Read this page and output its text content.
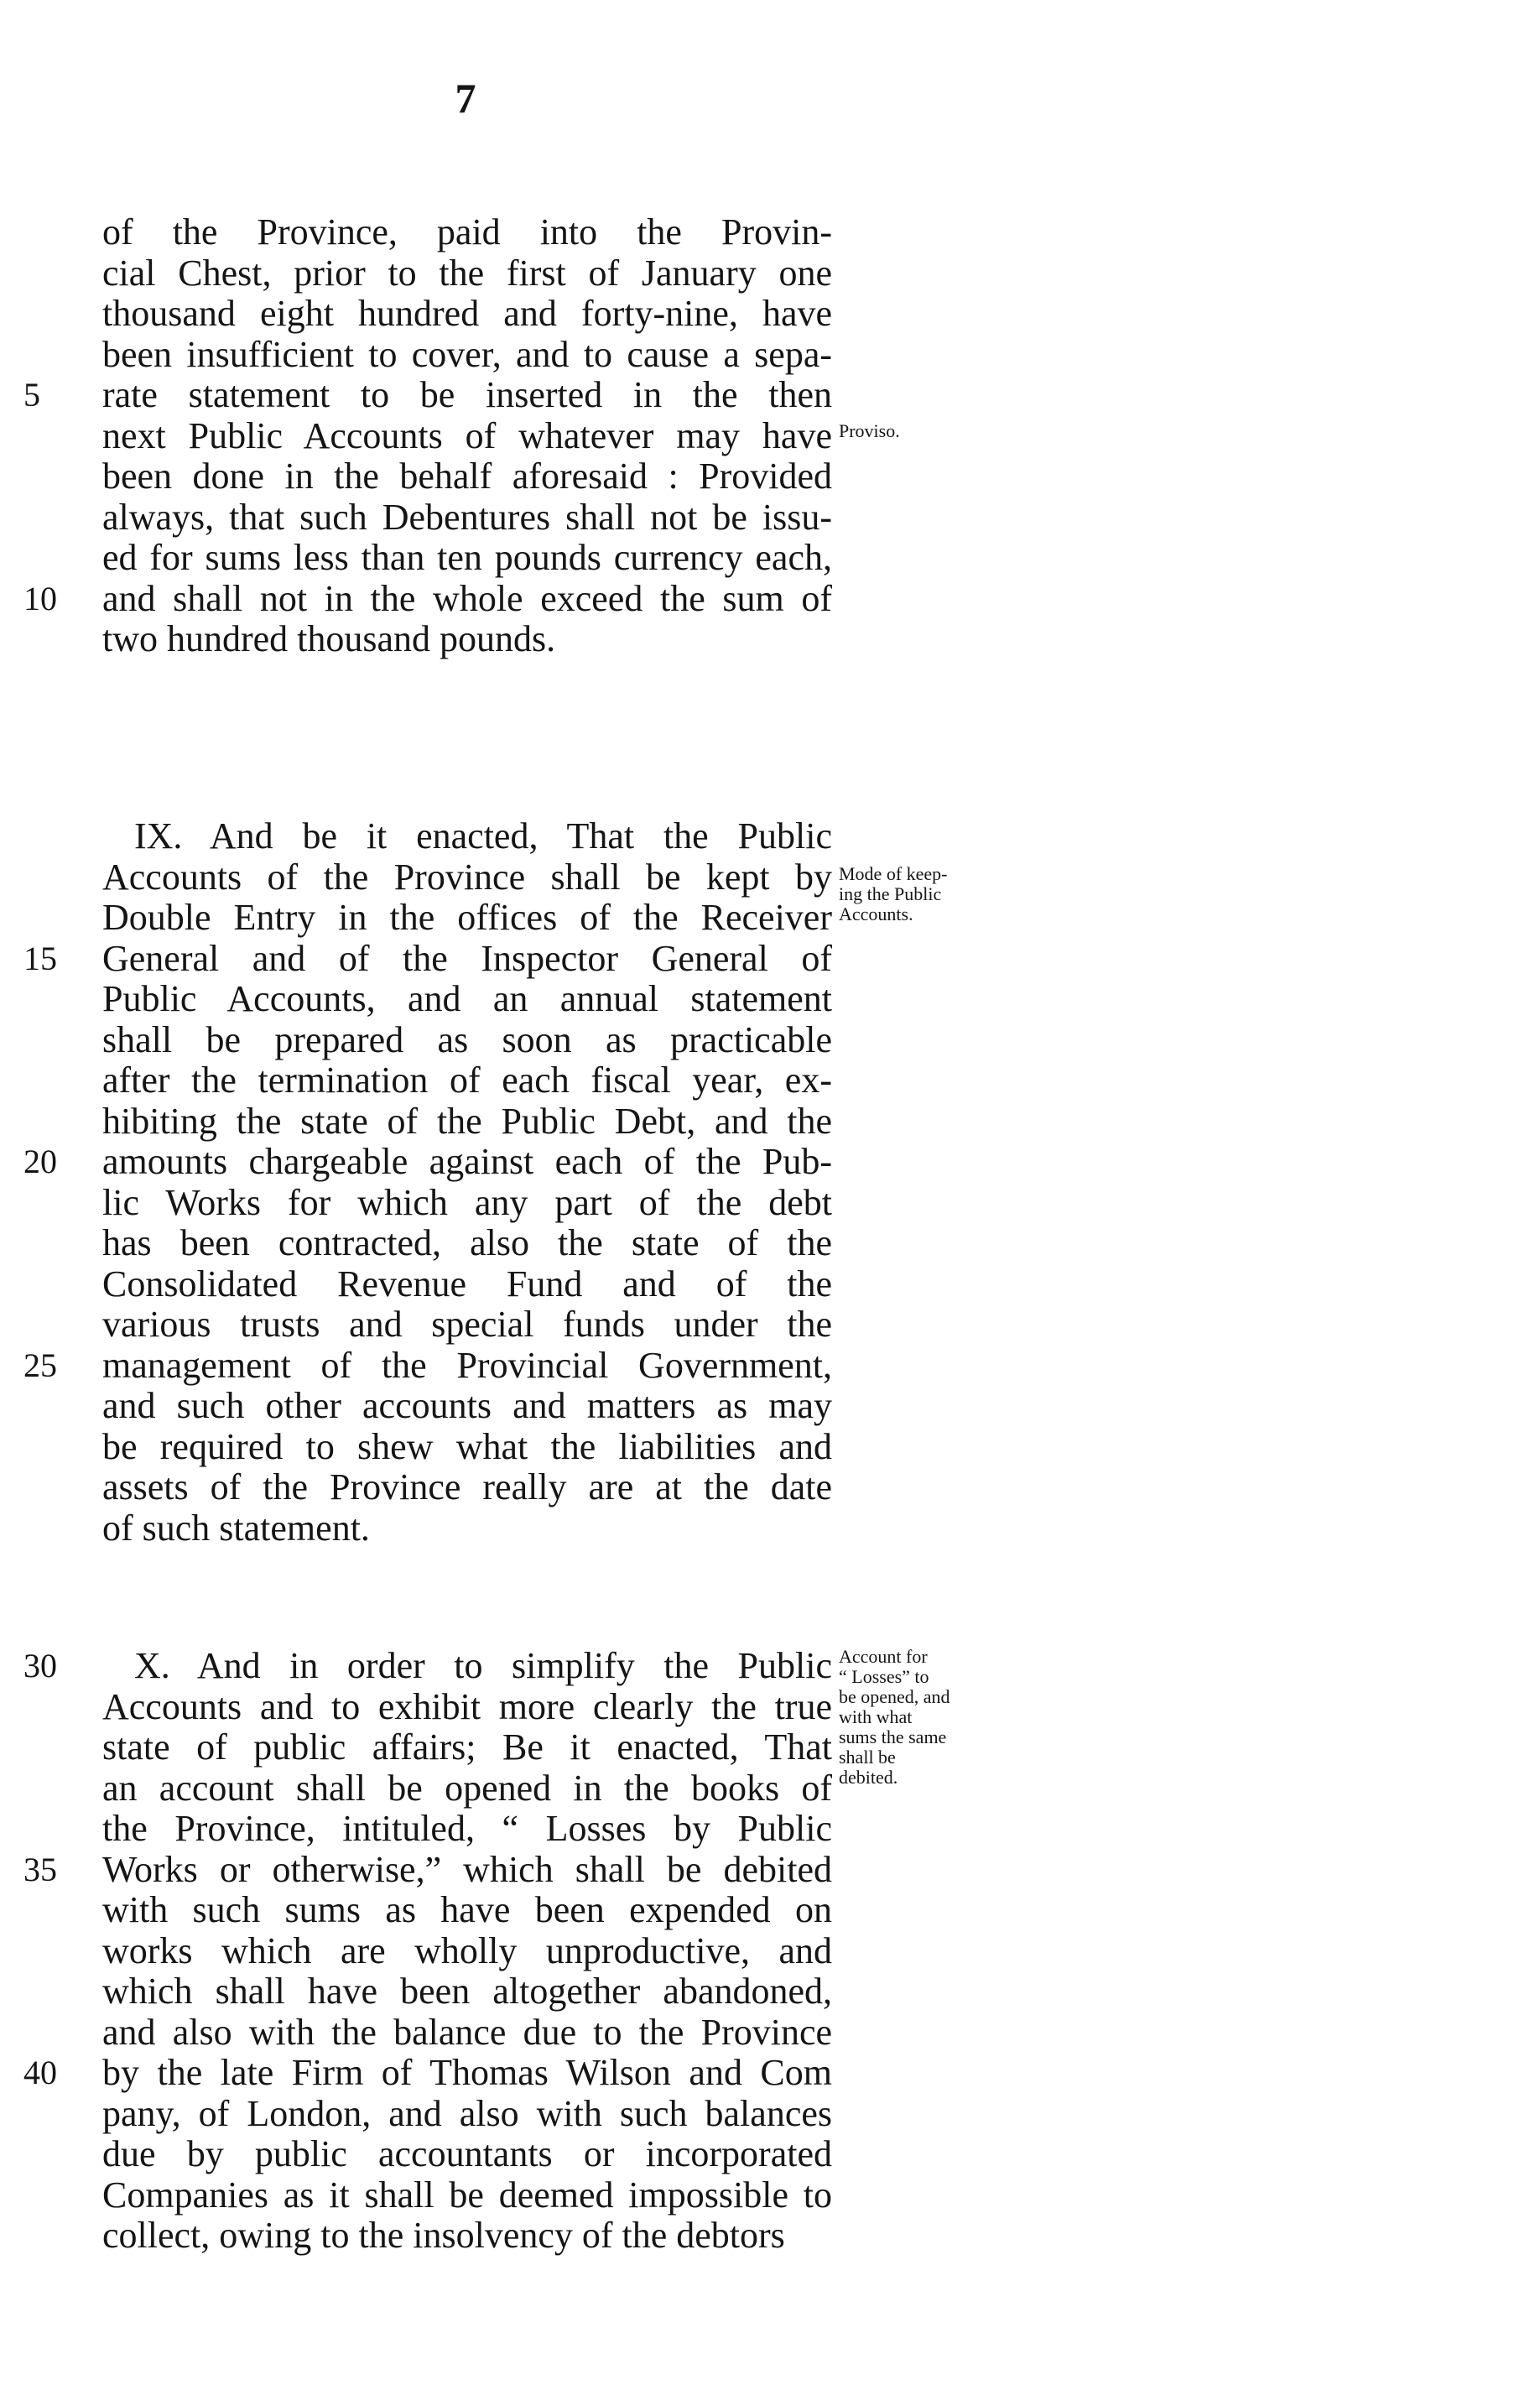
7
of the Province, paid into the Provin-
cial Chest, prior to the first of January one
thousand eight hundred and forty-nine, have
been insufficient to cover, and to cause a sepa-
rate statement to be inserted in the then
5
next Public Accounts of whatever may have
been done in the behalf aforesaid : Provided
always, that such Debentures shall not be issu-
ed for sums less than ten pounds currency each,
and shall not in the whole exceed the sum of
10
two hundred thousand pounds.
IX. And be it enacted, That the Public
Accounts of the Province shall be kept by
Double Entry in the offices of the Receiver
General and of the Inspector General of
15
Public Accounts, and an annual statement
shall be prepared as soon as practicable
after the termination of each fiscal year, ex-
hibiting the state of the Public Debt, and the
amounts chargeable against each of the Pub-
20
lic Works for which any part of the debt
has been contracted, also the state of the
Consolidated Revenue Fund and of the
various trusts and special funds under the
management of the Provincial Government,
25
and such other accounts and matters as may
be required to shew what the liabilities and
assets of the Province really are at the date
of such statement.
X. And in order to simplify the Public
30
Accounts and to exhibit more clearly the true
state of public affairs; Be it enacted, That
an account shall be opened in the books of
the Province, intituled, “ Losses by Public
Works or otherwise,” which shall be debited
35
with such sums as have been expended on
works which are wholly unproductive, and
which shall have been altogether abandoned,
and also with the balance due to the Province
by the late Firm of Thomas Wilson and Com
40
pany, of London, and also with such balances
due by public accountants or incorporated
Companies as it shall be deemed impossible to
collect, owing to the insolvency of the debtors
Proviso.
Mode of keep-
ing the Public
Accounts.
Account for
“ Losses” to
be opened, and
with what
sums the same
shall be
debited.
